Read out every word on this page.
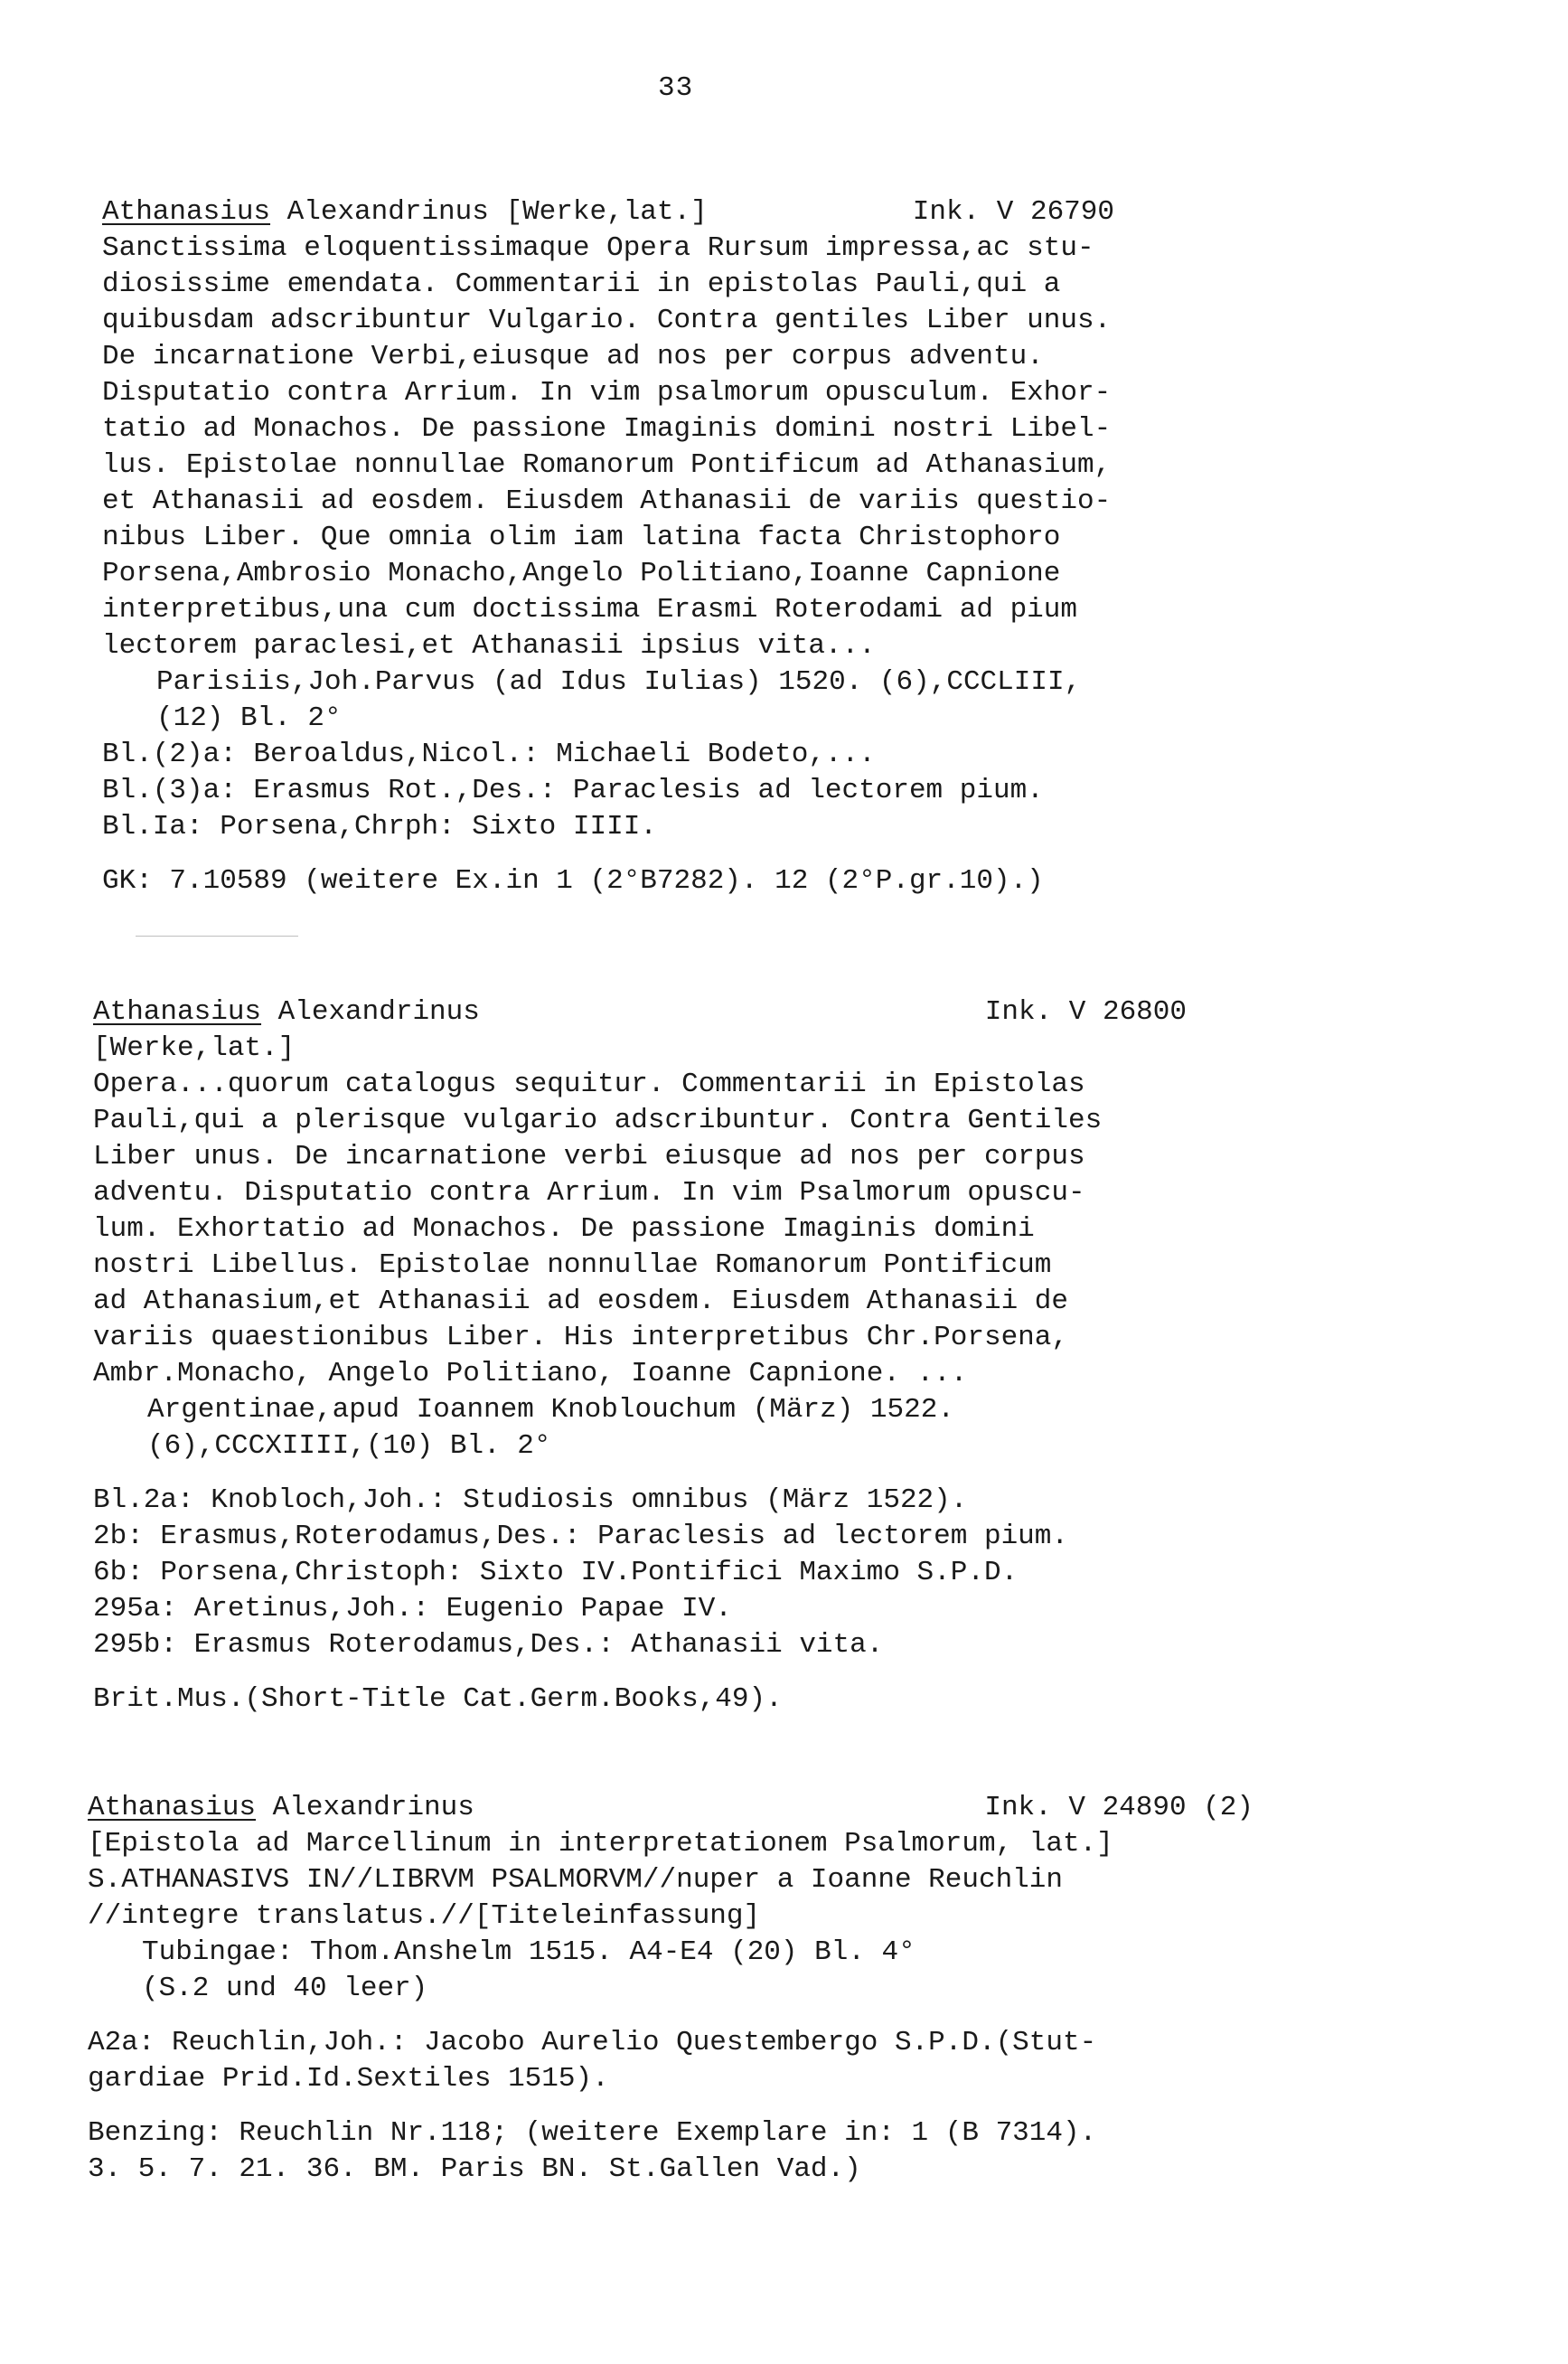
33

Athanasius Alexandrinus [Werke,lat.]	Ink. V 26790

Sanctissima eloquentissimaque Opera Rursum impressa,ac stu-

diosissime emendata. Commentarii in epistolas Pauli,qui a

quibusdam adscribuntur Vulgario. Contra gentiles Liber unus.

De incarnatione Verbi,eiusque ad nos per corpus adventu.

Disputatio contra Arrium. In vim psalmorum opusculum. Exhor-

tatio ad Monachos. De passione Imaginis domini nostri Libel-

lus. Epistolae nonnullae Romanorum Pontificum ad Athanasium,

et Athanasii ad eosdem. Eiusdem Athanasii de variis questio-

nibus Liber. Que omnia olim iam latina facta Christophoro

Porsena,Ambrosio Monacho,Angelo Politiano,Ioanne Capnione

interpretibus,una cum doctissima Erasmi Roterodami ad pium

lectorem paraclesi,et Athanasii ipsius vita...

Parisiis,Joh.Parvus (ad Idus Iulias) 1520. (6),CCCLIII,

(12) Bl. 2°

Bl.(2)a: Beroaldus,Nicol.: Michaeli Bodeto,...

Bl.(3)a: Erasmus Rot.,Des.: Paraclesis ad lectorem pium.

Bl.Ia: Porsena,Chrph: Sixto IIII.

GK: 7.10589 (weitere Ex.in 1 (2°B7282). 12 (2°P.gr.10).)

Athanasius Alexandrinus	Ink. V 26800

[Werke,lat.]

Opera...quorum catalogus sequitur. Commentarii in Epistolas

Pauli,qui a plerisque vulgario adscribuntur. Contra Gentiles

Liber unus. De incarnatione verbi eiusque ad nos per corpus

adventu. Disputatio contra Arrium. In vim Psalmorum opuscu-

lum. Exhortatio ad Monachos. De passione Imaginis domini

nostri Libellus. Epistolae nonnullae Romanorum Pontificum

ad Athanasium,et Athanasii ad eosdem. Eiusdem Athanasii de

variis quaestionibus Liber. His interpretibus Chr.Porsena,

Ambr.Monacho, Angelo Politiano, Ioanne Capnione. ...

Argentinae,apud Ioannem Knoblouchum (März) 1522.

(6),CCCXIIII,(10) Bl. 2°

Bl.2a: Knobloch,Joh.: Studiosis omnibus (März 1522).

2b: Erasmus,Roterodamus,Des.: Paraclesis ad lectorem pium.

6b: Porsena,Christoph: Sixto IV.Pontifici Maximo S.P.D.

295a: Aretinus,Joh.: Eugenio Papae IV.

295b: Erasmus Roterodamus,Des.: Athanasii vita.

Brit.Mus.(Short-Title Cat.Germ.Books,49).

Athanasius Alexandrinus	Ink. V 24890 (2)

[Epistola ad Marcellinum in interpretationem Psalmorum, lat.]

S.ATHANASIVS IN//LIBRVM PSALMORVM//nuper a Ioanne Reuchlin

//integre translatus.//[Titeleinfassung]

Tubingae: Thom.Anshelm 1515. A4-E4 (20) Bl. 4°

(S.2 und 40 leer)

A2a: Reuchlin,Joh.: Jacobo Aurelio Questembergo S.P.D.(Stut-

gardiae Prid.Id.Sextiles 1515).

Benzing: Reuchlin Nr.118; (weitere Exemplare in: 1 (B 7314).
3. 5. 7. 21. 36. BM. Paris BN. St.Gallen Vad.)
